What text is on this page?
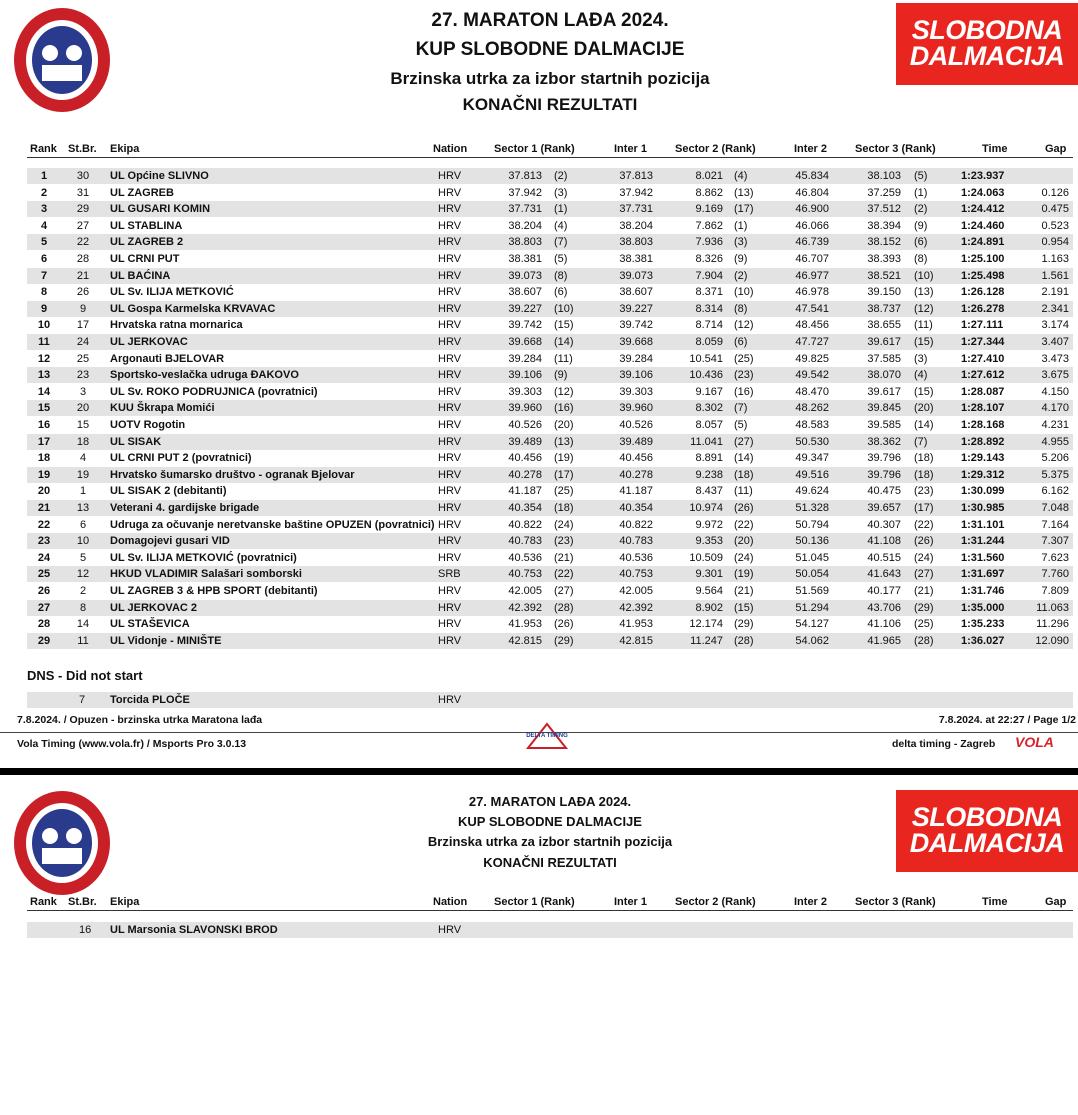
27. MARATON LAĐA 2024.
KUP SLOBODNE DALMACIJE
Brzinska utrka za izbor startnih pozicija
KONAČNI REZULTATI
SLOBODNA
DALMACIJA
Rank St.Br. Ekipa	Nation Sector 1 (Rank)	Inter 1	Sector 2 (Rank)	Inter 2	Sector 3 (Rank)	Time	Gap
1	30	UL Općine SLIVNO	HRV	37.813 (2)	37.813	8.021 (4)	45.834	38.103 (5)	1:23.937
2	31	UL ZAGREB	HRV	37.942 (3)	37.942	8.862 (13)	46.804	37.259 (1)	1:24.063	0.126
3	29	UL GUSARI KOMIN	HRV	37.731 (1)	37.731	9.169 (17)	46.900	37.512 (2)	1:24.412	0.475
4	27	UL STABLINA	HRV	38.204 (4)	38.204	7.862 (1)	46.066	38.394 (9)	1:24.460	0.523
5	22	UL ZAGREB 2	HRV	38.803 (7)	38.803	7.936 (3)	46.739	38.152 (6)	1:24.891	0.954
6	28	UL CRNI PUT	HRV	38.381 (5)	38.381	8.326 (9)	46.707	38.393 (8)	1:25.100	1.163
7	21	UL BAĆINA	HRV	39.073 (8)	39.073	7.904 (2)	46.977	38.521 (10) 1:25.498	1.561
8	26	UL Sv. ILIJA METKOVIĆ	HRV	38.607 (6)	38.607	8.371 (10)	46.978	39.150 (13) 1:26.128	2.191
9	9	UL Gospa Karmelska KRVAVAC	HRV	39.227 (10)	39.227	8.314 (8)	47.541	38.737 (12) 1:26.278	2.341
10	17	Hrvatska ratna mornarica	HRV	39.742 (15)	39.742	8.714 (12)	48.456	38.655 (11)	1:27.111	3.174
11	24	UL JERKOVAC	HRV	39.668 (14)	39.668	8.059 (6)	47.727	39.617 (15) 1:27.344	3.407
12	25	Argonauti BJELOVAR	HRV	39.284 (11)	39.284	10.541 (25)	49.825	37.585 (3)	1:27.410	3.473
13	23	Sportsko-veslačka udruga ĐAKOVO	HRV	39.106 (9)	39.106	10.436 (23)	49.542	38.070 (4)	1:27.612	3.675
14	3	UL Sv. ROKO PODRUJNICA (povratnici)	HRV	39.303 (12)	39.303	9.167 (16)	48.470	39.617 (15) 1:28.087	4.150
15	20	KUU Škrapa Momići	HRV	39.960 (16)	39.960	8.302 (7)	48.262	39.845 (20) 1:28.107	4.170
16	15	UOTV Rogotin	HRV	40.526 (20)	40.526	8.057 (5)	48.583	39.585 (14) 1:28.168	4.231
17	18	UL SISAK	HRV	39.489 (13)	39.489	11.041 (27)	50.530	38.362 (7)	1:28.892	4.955
18	4	UL CRNI PUT 2 (povratnici)	HRV	40.456 (19)	40.456	8.891 (14)	49.347	39.796 (18) 1:29.143	5.206
19	19	Hrvatsko šumarsko društvo - ogranak Bjelovar	HRV	40.278 (17)	40.278	9.238 (18)	49.516	39.796 (18) 1:29.312	5.375
20	1	UL SISAK 2 (debitanti)	HRV	41.187 (25)	41.187	8.437 (11)	49.624	40.475 (23) 1:30.099	6.162
21	13	Veterani 4. gardijske brigade	HRV	40.354 (18)	40.354	10.974 (26)	51.328	39.657 (17) 1:30.985	7.048
22	6	Udruga za očuvanje neretvanske baštine OPUZEN (povratnici) HRV	40.822 (24)	40.822	9.972 (22)	50.794	40.307 (22) 1:31.101	7.164
23	10	Domagojevi gusari VID	HRV	40.783 (23)	40.783	9.353 (20)	50.136	41.108 (26) 1:31.244	7.307
24	5	UL Sv. ILIJA METKOVIĆ (povratnici)	HRV	40.536 (21)	40.536	10.509 (24)	51.045	40.515 (24) 1:31.560	7.623
25	12	HKUD VLADIMIR Salašari somborski	SRB	40.753 (22)	40.753	9.301 (19)	50.054	41.643 (27) 1:31.697	7.760
26	2	UL ZAGREB 3 & HPB SPORT (debitanti)	HRV	42.005 (27)	42.005	9.564 (21)	51.569	40.177 (21) 1:31.746	7.809
27	8	UL JERKOVAC 2	HRV	42.392 (28)	42.392	8.902 (15)	51.294	43.706 (29) 1:35.000	11.063
28	14	UL STAŠEVICA	HRV	41.953 (26)	41.953	12.174 (29)	54.127	41.106 (25) 1:35.233	11.296
29	11	UL Vidonje - MINIŠTE	HRV	42.815 (29)	42.815	11.247 (28)	54.062	41.965 (28) 1:36.027	12.090
DNS - Did not start
7 Torcida PLOČE	HRV
7.8.2024. / Opuzen - brzinska utrka Maratona lađa	7.8.2024. at 22:27 / Page 1/2
Vola Timing (www.vola.fr) / Msports Pro 3.0.13
DELTA TIMING
delta timing - Zagreb VOLA
27. MARATON LAĐA 2024.
KUP SLOBODNE DALMACIJE
Brzinska utrka za izbor startnih pozicija
KONAČNI REZULTATI
SLOBODNA
DALMACIJA
Rank St.Br. Ekipa	Nation Sector 1 (Rank)	Inter 1	Sector 2 (Rank)	Inter 2	Sector 3 (Rank)	Time	Gap
16 UL Marsonia SLAVONSKI BROD	HRV
